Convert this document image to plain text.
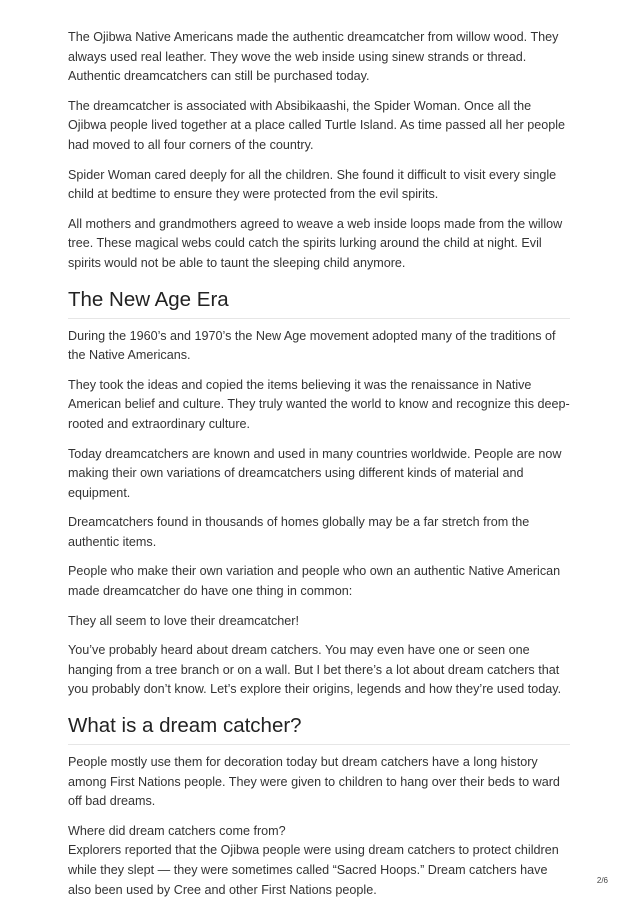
The Ojibwa Native Americans made the authentic dreamcatcher from willow wood. They always used real leather. They wove the web inside using sinew strands or thread. Authentic dreamcatchers can still be purchased today.

The dreamcatcher is associated with Absibikaashi, the Spider Woman. Once all the Ojibwa people lived together at a place called Turtle Island. As time passed all her people had moved to all four corners of the country.

Spider Woman cared deeply for all the children. She found it difficult to visit every single child at bedtime to ensure they were protected from the evil spirits.

All mothers and grandmothers agreed to weave a web inside loops made from the willow tree. These magical webs could catch the spirits lurking around the child at night. Evil spirits would not be able to taunt the sleeping child anymore.

The New Age Era

During the 1960’s and 1970’s the New Age movement adopted many of the traditions of the Native Americans.

They took the ideas and copied the items believing it was the renaissance in Native American belief and culture. They truly wanted the world to know and recognize this deep-rooted and extraordinary culture.

Today dreamcatchers are known and used in many countries worldwide. People are now making their own variations of dreamcatchers using different kinds of material and equipment.

Dreamcatchers found in thousands of homes globally may be a far stretch from the authentic items.

People who make their own variation and people who own an authentic Native American made dreamcatcher do have one thing in common:

They all seem to love their dreamcatcher!

You’ve probably heard about dream catchers. You may even have one or seen one hanging from a tree branch or on a wall. But I bet there’s a lot about dream catchers that you probably don’t know. Let’s explore their origins, legends and how they’re used today.

What is a dream catcher?

People mostly use them for decoration today but dream catchers have a long history among First Nations people. They were given to children to hang over their beds to ward off bad dreams.

Where did dream catchers come from?

Explorers reported that the Ojibwa people were using dream catchers to protect children while they slept — they were sometimes called “Sacred Hoops.” Dream catchers have also been used by Cree and other First Nations people.

2/6
